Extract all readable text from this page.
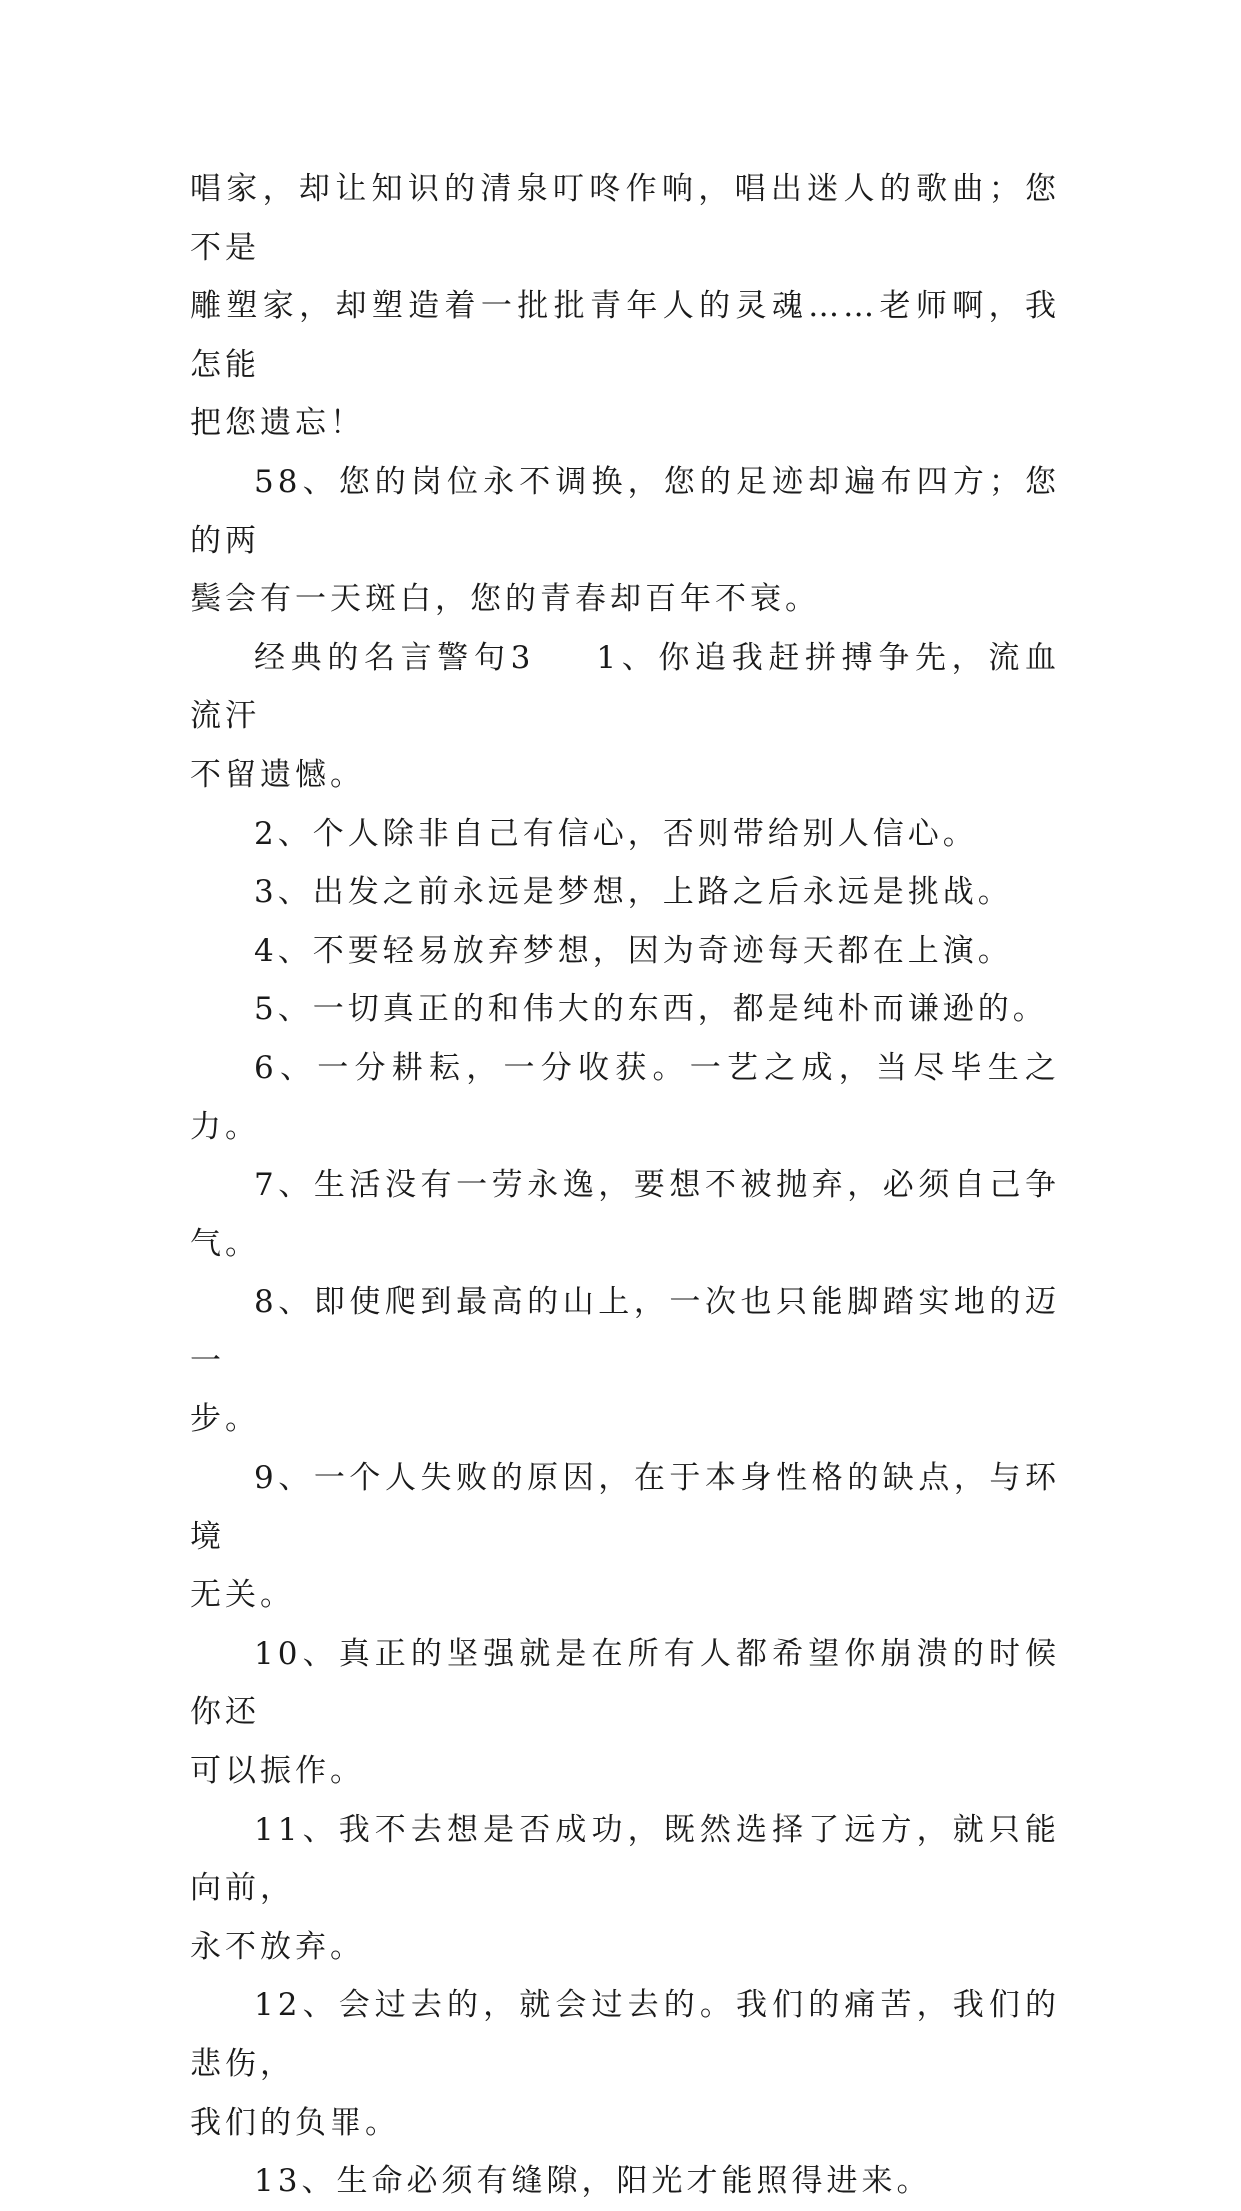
唱家，却让知识的清泉叮咚作响，唱出迷人的歌曲；您不是
雕塑家，却塑造着一批批青年人的灵魂……老师啊，我怎能
把您遗忘！

58、您的岗位永不调换，您的足迹却遍布四方；您的两
鬓会有一天斑白，您的青春却百年不衰。

经典的名言警句3 1、你追我赶拼搏争先，流血流汗
不留遗憾。

2、个人除非自己有信心，否则带给别人信心。

3、出发之前永远是梦想，上路之后永远是挑战。

4、不要轻易放弃梦想，因为奇迹每天都在上演。

5、一切真正的和伟大的东西，都是纯朴而谦逊的。

6、一分耕耘，一分收获。一艺之成，当尽毕生之力。

7、生活没有一劳永逸，要想不被抛弃，必须自己争气。

8、即使爬到最高的山上，一次也只能脚踏实地的迈一
步。

9、一个人失败的原因，在于本身性格的缺点，与环境
无关。

10、真正的坚强就是在所有人都希望你崩溃的时候你还
可以振作。

11、我不去想是否成功，既然选择了远方，就只能向前，
永不放弃。

12、会过去的，就会过去的。我们的痛苦，我们的悲伤，
我们的负罪。

13、生命必须有缝隙，阳光才能照得进来。
